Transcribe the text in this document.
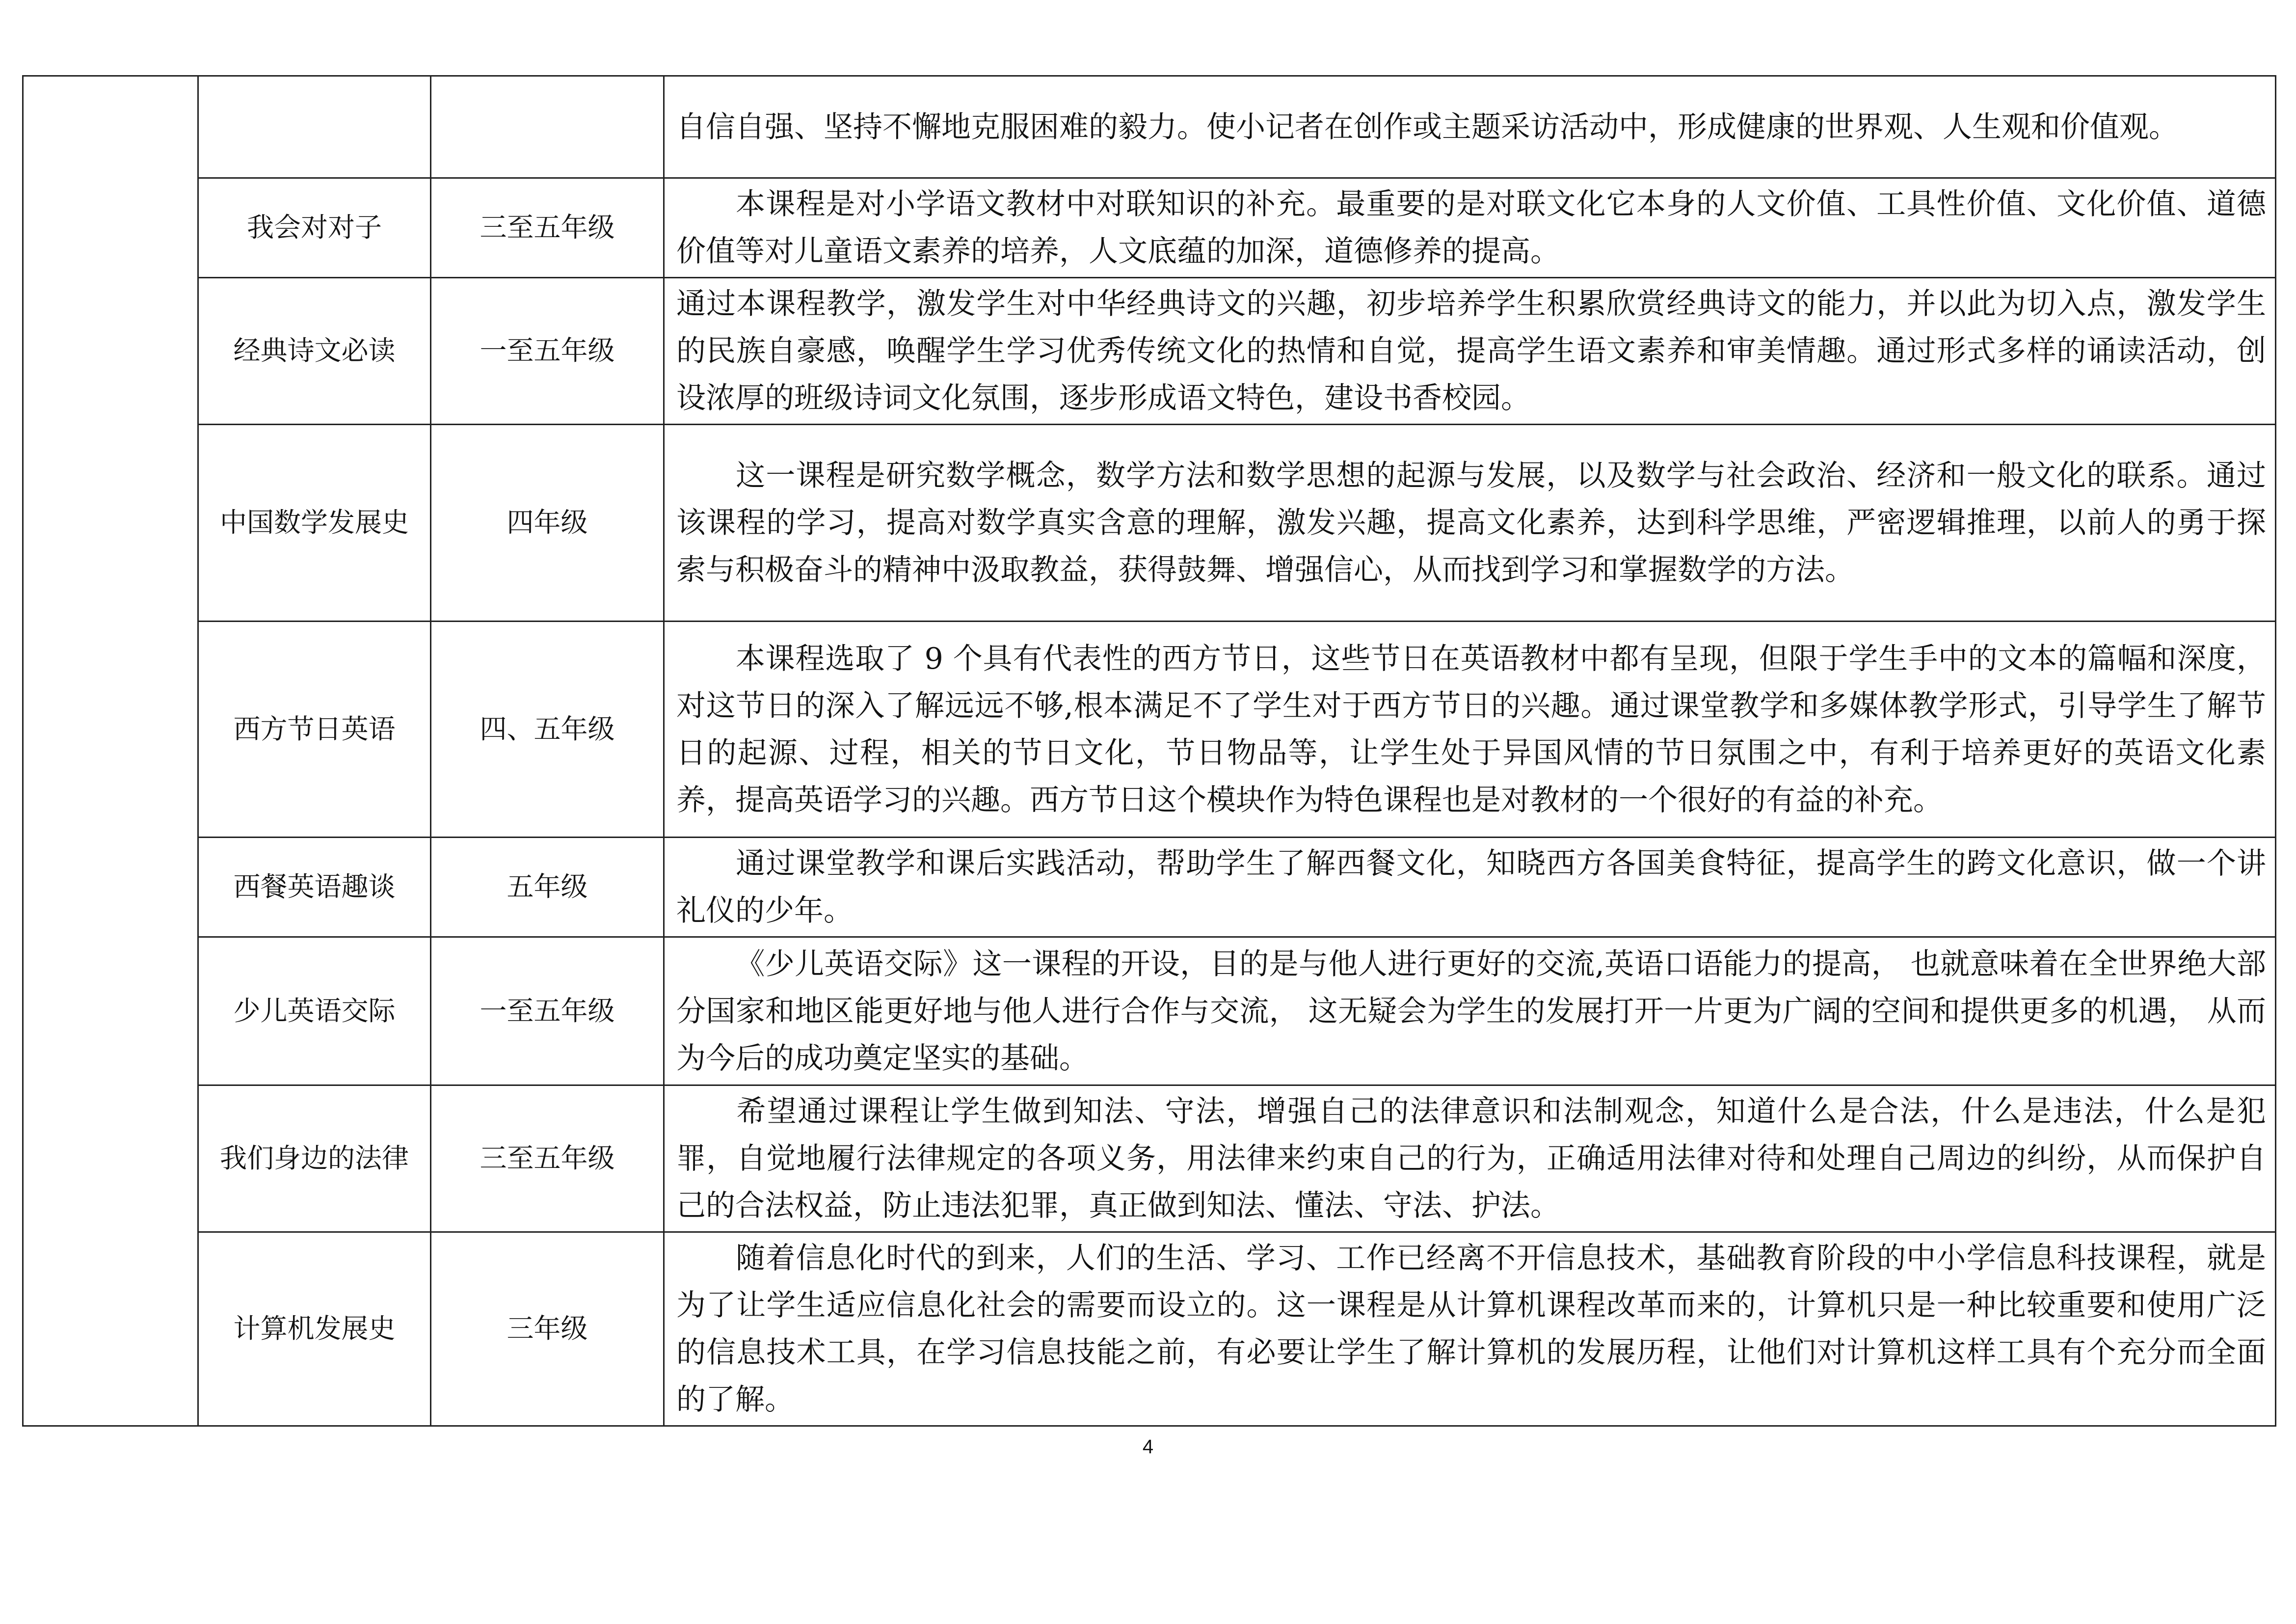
			自信自强、坚持不懈地克服困难的毅力。使小记者在创作或主题采访活动中，形成健康的世界观、人生观和价值观。
	我会对对子	三至五年级	本课程是对小学语文教材中对联知识的补充。最重要的是对联文化它本身的人文价值、工具性价值、文化价值、道德价值等对儿童语文素养的培养，人文底蕴的加深，道德修养的提高。
	经典诗文必读	一至五年级	通过本课程教学，激发学生对中华经典诗文的兴趣，初步培养学生积累欣赏经典诗文的能力，并以此为切入点，激发学生的民族自豪感，唤醒学生学习优秀传统文化的热情和自觉，提高学生语文素养和审美情趣。通过形式多样的诵读活动，创设浓厚的班级诗词文化氛围，逐步形成语文特色，建设书香校园。
	中国数学发展史	四年级	这一课程是研究数学概念，数学方法和数学思想的起源与发展，以及数学与社会政治、经济和一般文化的联系。通过该课程的学习，提高对数学真实含意的理解，激发兴趣，提高文化素养，达到科学思维，严密逻辑推理，以前人的勇于探索与积极奋斗的精神中汲取教益，获得鼓舞、增强信心，从而找到学习和掌握数学的方法。
	西方节日英语	四、五年级	本课程选取了 9 个具有代表性的西方节日，这些节日在英语教材中都有呈现，但限于学生手中的文本的篇幅和深度，对这节日的深入了解远远不够,根本满足不了学生对于西方节日的兴趣。通过课堂教学和多媒体教学形式，引导学生了解节日的起源、过程，相关的节日文化，节日物品等，让学生处于异国风情的节日氛围之中，有利于培养更好的英语文化素养，提高英语学习的兴趣。西方节日这个模块作为特色课程也是对教材的一个很好的有益的补充。
	西餐英语趣谈	五年级	通过课堂教学和课后实践活动，帮助学生了解西餐文化，知晓西方各国美食特征，提高学生的跨文化意识，做一个讲礼仪的少年。
	少儿英语交际	一至五年级	《少儿英语交际》这一课程的开设，目的是与他人进行更好的交流,英语口语能力的提高， 也就意味着在全世界绝大部分国家和地区能更好地与他人进行合作与交流， 这无疑会为学生的发展打开一片更为广阔的空间和提供更多的机遇， 从而为今后的成功奠定坚实的基础。
	我们身边的法律	三至五年级	希望通过课程让学生做到知法、守法，增强自己的法律意识和法制观念，知道什么是合法，什么是违法，什么是犯罪，自觉地履行法律规定的各项义务，用法律来约束自己的行为，正确适用法律对待和处理自己周边的纠纷，从而保护自己的合法权益，防止违法犯罪，真正做到知法、懂法、守法、护法。
	计算机发展史	三年级	随着信息化时代的到来，人们的生活、学习、工作已经离不开信息技术，基础教育阶段的中小学信息科技课程，就是为了让学生适应信息化社会的需要而设立的。这一课程是从计算机课程改革而来的，计算机只是一种比较重要和使用广泛的信息技术工具，在学习信息技能之前，有必要让学生了解计算机的发展历程，让他们对计算机这样工具有个充分而全面的了解。
4
